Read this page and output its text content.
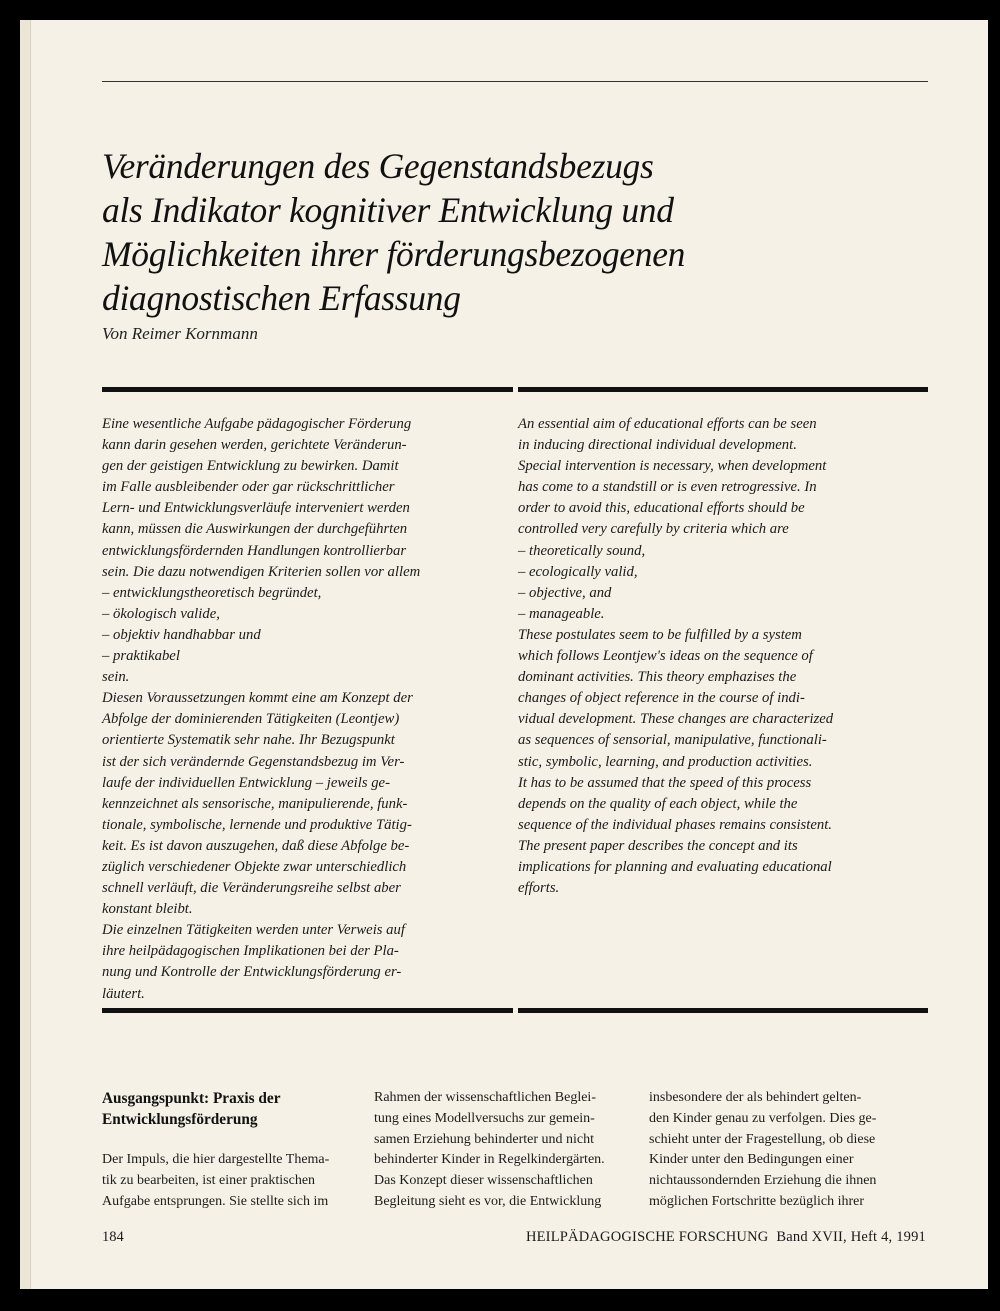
Veränderungen des Gegenstandsbezugs
als Indikator kognitiver Entwicklung und
Möglichkeiten ihrer förderungsbezogenen
diagnostischen Erfassung

Von Reimer Kornmann

Eine wesentliche Aufgabe pädagogischer Förderung
kann darin gesehen werden, gerichtete Veränderun-
gen der geistigen Entwicklung zu bewirken. Damit
im Falle ausbleibender oder gar rückschrittlicher
Lern- und Entwicklungsverläufe interveniert werden
kann, müssen die Auswirkungen der durchgeführten
entwicklungsfördernden Handlungen kontrollierbar
sein. Die dazu notwendigen Kriterien sollen vor allem
– entwicklungstheoretisch begründet,
– ökologisch valide,
– objektiv handhabbar und
– praktikabel
sein.
Diesen Voraussetzungen kommt eine am Konzept der
Abfolge der dominierenden Tätigkeiten (Leontjew)
orientierte Systematik sehr nahe. Ihr Bezugspunkt
ist der sich verändernde Gegenstandsbezug im Ver-
laufe der individuellen Entwicklung – jeweils ge-
kennzeichnet als sensorische, manipulierende, funk-
tionale, symbolische, lernende und produktive Tätig-
keit. Es ist davon auszugehen, daß diese Abfolge be-
züglich verschiedener Objekte zwar unterschiedlich
schnell verläuft, die Veränderungsreihe selbst aber
konstant bleibt.
Die einzelnen Tätigkeiten werden unter Verweis auf
ihre heilpädagogischen Implikationen bei der Pla-
nung und Kontrolle der Entwicklungsförderung er-
läutert.
An essential aim of educational efforts can be seen
in inducing directional individual development.
Special intervention is necessary, when development
has come to a standstill or is even retrogressive. In
order to avoid this, educational efforts should be
controlled very carefully by criteria which are
– theoretically sound,
– ecologically valid,
– objective, and
– manageable.
These postulates seem to be fulfilled by a system
which follows Leontjew's ideas on the sequence of
dominant activities. This theory emphazises the
changes of object reference in the course of indi-
vidual development. These changes are characterized
as sequences of sensorial, manipulative, functionali-
stic, symbolic, learning, and production activities.
It has to be assumed that the speed of this process
depends on the quality of each object, while the
sequence of the individual phases remains consistent.
The present paper describes the concept and its
implications for planning and evaluating educational
efforts.
Ausgangspunkt: Praxis der
Entwicklungsförderung
Der Impuls, die hier dargestellte Thema-
tik zu bearbeiten, ist einer praktischen
Aufgabe entsprungen. Sie stellte sich im
Rahmen der wissenschaftlichen Beglei-
tung eines Modellversuchs zur gemein-
samen Erziehung behinderter und nicht
behinderter Kinder in Regelkindergärten.
Das Konzept dieser wissenschaftlichen
Begleitung sieht es vor, die Entwicklung
insbesondere der als behindert gelten-
den Kinder genau zu verfolgen. Dies ge-
schieht unter der Fragestellung, ob diese
Kinder unter den Bedingungen einer
nichtaussondernden Erziehung die ihnen
möglichen Fortschritte bezüglich ihrer
184	HEILPÄDAGOGISCHE FORSCHUNG Band XVII, Heft 4, 1991
